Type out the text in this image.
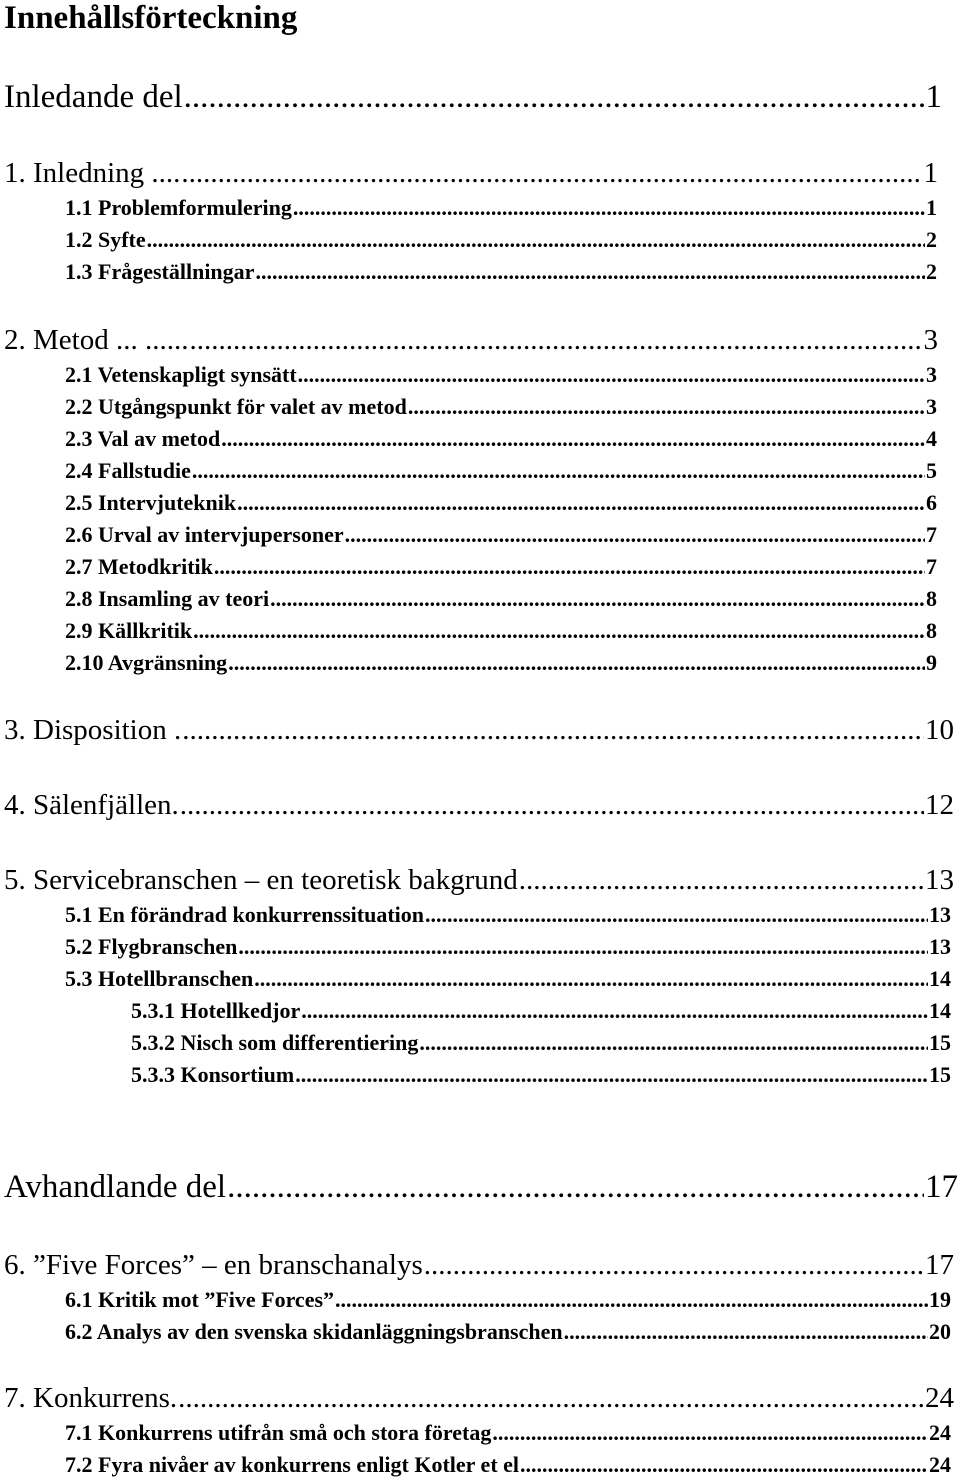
Innehållsförteckning
Inledande del .....	1
1. Inledning .... .....	1
1.1 Problemformulering .....	1
1.2 Syfte .....	2
1.3 Frågeställningar .....	2
2. Metod ... ...... .....	3
2.1 Vetenskapligt synsätt .....	3
2.2 Utgångspunkt för valet av metod .....	3
2.3 Val av metod .....	4
2.4 Fallstudie .....	5
2.5 Intervjuteknik .....	6
2.6 Urval av intervjupersoner .....	7
2.7 Metodkritik .....	7
2.8 Insamling av teori .....	8
2.9 Källkritik .....	8
2.10 Avgränsning .....	9
3. Disposition . .....	10
4. Sälenfjällen. .....	12
5. Servicebranschen – en teoretisk bakgrund .....	13
5.1 En förändrad konkurrenssituation .....	13
5.2 Flygbranschen .....	13
5.3 Hotellbranschen .....	14
5.3.1 Hotellkedjor .....	14
5.3.2 Nisch som differentiering .....	15
5.3.3 Konsortium .....	15
Avhandlande del .....	17
6. ”Five Forces” – en branschanalys .....	17
6.1 Kritik mot ”Five Forces” .....	19
6.2 Analys av den svenska skidanläggningsbranschen .....	20
7. Konkurrens. .....	24
7.1 Konkurrens utifrån små och stora företag .....	24
7.2 Fyra nivåer av konkurrens enligt Kotler et el .....	24
